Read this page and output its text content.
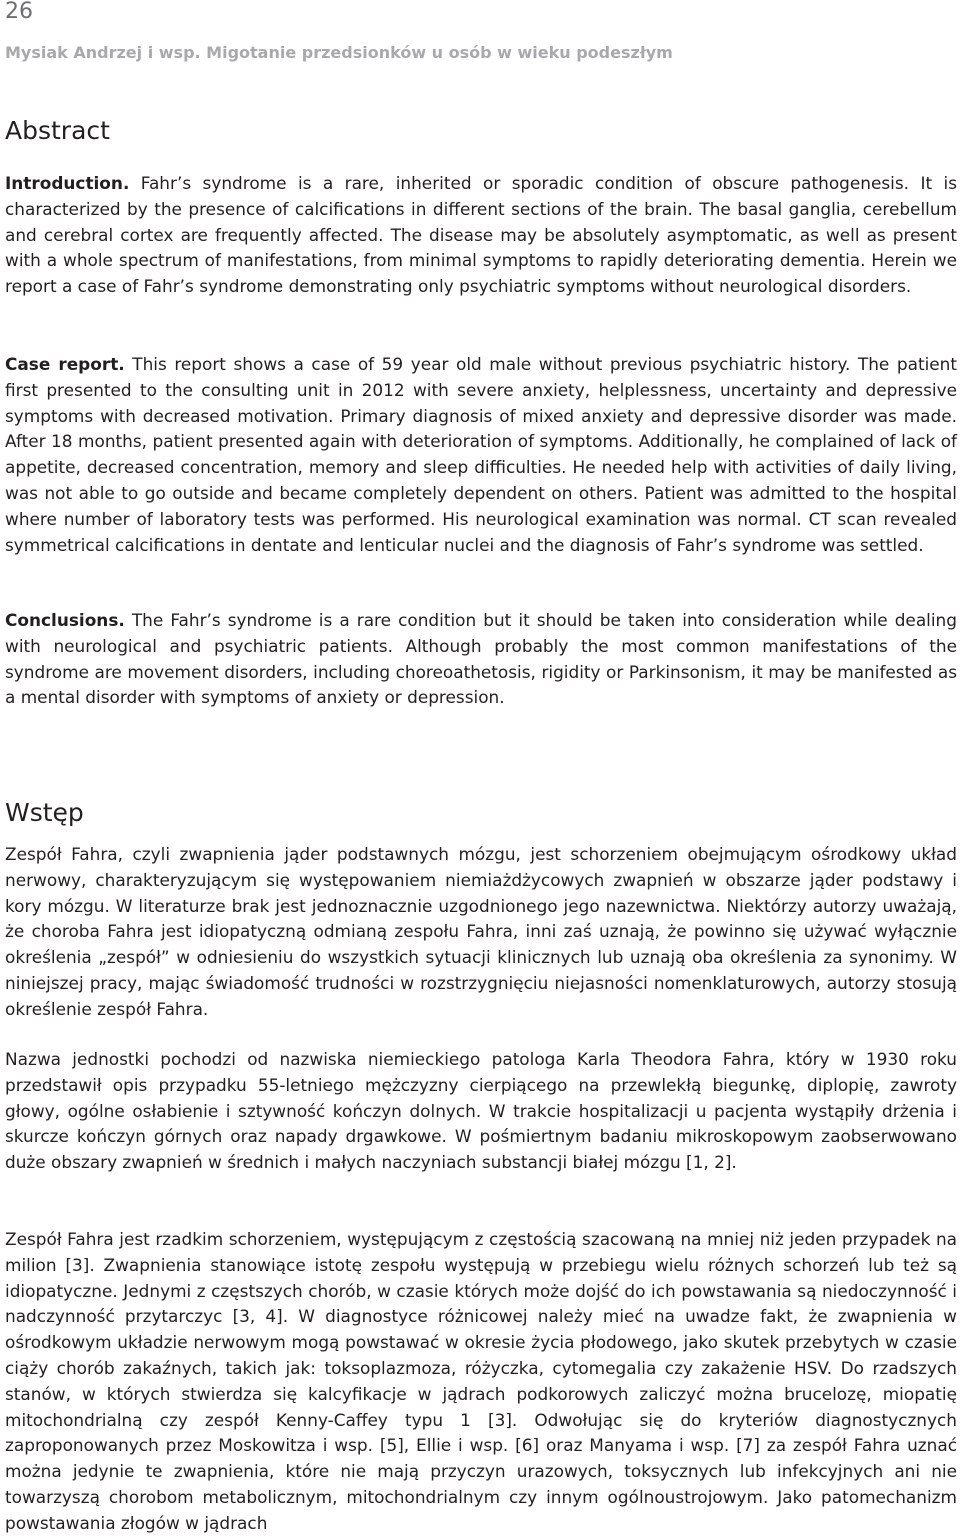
26
Mysiak Andrzej i wsp. Migotanie przedsionków u osób w wieku podeszłym
Abstract

Introduction. Fahr’s syndrome is a rare, inherited or sporadic condition of obscure pathogenesis. It is characterized by the presence of calcifications in different sections of the brain. The basal ganglia, cerebellum and cerebral cortex are frequently affected. The disease may be absolutely asymptomatic, as well as present with a whole spectrum of manifestations, from minimal symptoms to rapidly deteriorating dementia. Herein we report a case of Fahr’s syndrome demonstrating only psychiatric symptoms without neurological disorders.

Case report. This report shows a case of 59 year old male without previous psychiatric history. The patient first presented to the consulting unit in 2012 with severe anxiety, helplessness, uncertainty and depressive symptoms with decreased motivation. Primary diagnosis of mixed anxiety and depressive disorder was made. After 18 months, patient presented again with deterioration of symptoms. Additionally, he complained of lack of appetite, decreased concentration, memory and sleep difficulties. He needed help with activities of daily living, was not able to go outside and became completely dependent on others. Patient was admitted to the hospital where number of laboratory tests was performed. His neurological examination was normal. CT scan revealed symmetrical calcifications in dentate and lenticular nuclei and the diagnosis of Fahr’s syndrome was settled.

Conclusions. The Fahr’s syndrome is a rare condition but it should be taken into consideration while dealing with neurological and psychiatric patients. Although probably the most common manifestations of the syndrome are movement disorders, including choreoathetosis, rigidity or Parkinsonism, it may be manifested as a mental disorder with symptoms of anxiety or depression.

Wstęp

Zespół Fahra, czyli zwapnienia jąder podstawnych mózgu, jest schorzeniem obejmującym ośrodkowy układ nerwowy, charakteryzującym się występowaniem niemiażdżycowych zwapnień w obszarze jąder podstawy i kory mózgu. W literaturze brak jest jednoznacznie uzgodnionego jego nazewnictwa. Niektórzy autorzy uważają, że choroba Fahra jest idiopatyczną odmianą zespołu Fahra, inni zaś uznają, że powinno się używać wyłącznie określenia „zespół” w odniesieniu do wszystkich sytuacji klinicznych lub uznają oba określenia za synonimy. W niniejszej pracy, mając świadomość trudności w rozstrzygnięciu niejasności nomenklaturowych, autorzy stosują określenie zespół Fahra.

Nazwa jednostki pochodzi od nazwiska niemieckiego patologa Karla Theodora Fahra, który w 1930 roku przedstawił opis przypadku 55-letniego mężczyzny cierpiącego na przewlekłą biegunkę, diplopię, zawroty głowy, ogólne osłabienie i sztywność kończyn dolnych. W trakcie hospitalizacji u pacjenta wystąpiły drżenia i skurcze kończyn górnych oraz napady drgawkowe. W pośmiertnym badaniu mikroskopowym zaobserwowano duże obszary zwapnień w średnich i małych naczyniach substancji białej mózgu [1, 2].

Zespół Fahra jest rzadkim schorzeniem, występującym z częstością szacowaną na mniej niż jeden przypadek na milion [3]. Zwapnienia stanowiące istotę zespołu występują w przebiegu wielu różnych schorzeń lub też są idiopatyczne. Jednymi z częstszych chorób, w czasie których może dojść do ich powstawania są niedoczynność i nadczynność przytarczyc [3, 4]. W diagnostyce różnicowej należy mieć na uwadze fakt, że zwapnienia w ośrodkowym układzie nerwowym mogą powstawać w okresie życia płodowego, jako skutek przebytych w czasie ciąży chorób zakaźnych, takich jak: toksoplazmoza, różyczka, cytomegalia czy zakażenie HSV. Do rzadszych stanów, w których stwierdza się kalcyfikacje w jądrach podkorowych zaliczyć można brucelozę, miopatię mitochondrialną czy zespół Kenny-Caffey typu 1 [3]. Odwołując się do kryteriów diagnostycznych zaproponowanych przez Moskowitza i wsp. [5], Ellie i wsp. [6] oraz Manyama i wsp. [7] za zespół Fahra uznać można jedynie te zwapnienia, które nie mają przyczyn urazowych, toksycznych lub infekcyjnych ani nie towarzyszą chorobom metabolicznym, mitochondrialnym czy innym ogólnoustrojowym. Jako patomechanizm powstawania złogów w jądrach
